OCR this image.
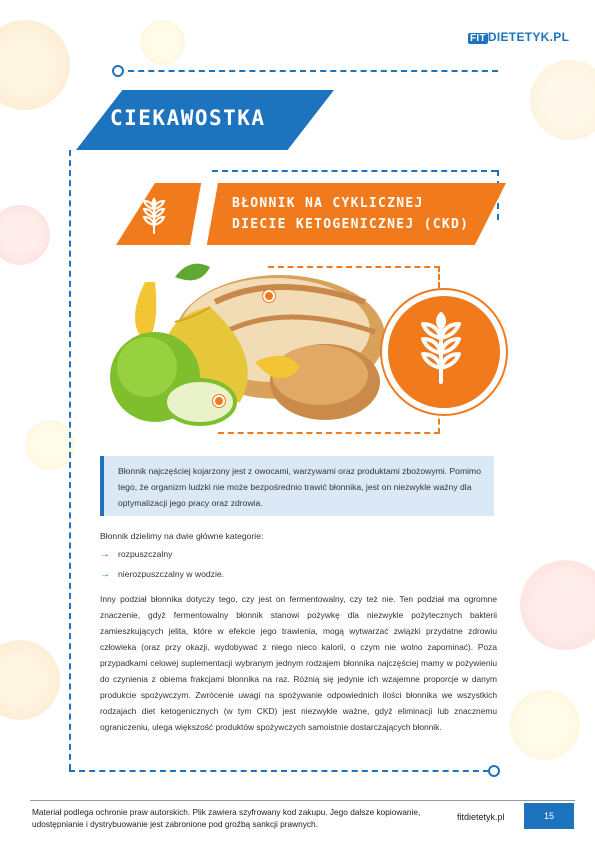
FIT DIETETYK.PL
CIEKAWOSTKA
BŁONNIK NA CYKLICZNEJ
DIECIE KETOGENICZNEJ (CKD)

Błonnik najczęściej kojarzony jest z owocami, warzywami oraz produktami zbożowymi. Pomimo tego, że organizm ludzki nie może bezpośrednio trawić błonnika, jest on niezwykle ważny dla optymalizacji jego pracy oraz zdrowia.

Błonnik dzielimy na dwie główne kategorie:
→ rozpuszczalny
→ nierozpuszczalny w wodzie.
Inny podział błonnika dotyczy tego, czy jest on fermentowalny, czy też nie. Ten podział ma ogromne znaczenie, gdyż fermentowalny błonnik stanowi pożywkę dla niezwykle pożytecznych bakterii zamieszkujących jelita, które w efekcie jego trawienia, mogą wytwarzać związki przydatne zdrowiu człowieka (oraz przy okazji, wydobywać z niego nieco kalorii, o czym nie wolno zapominać). Poza przypadkami celowej suplementacji wybranym jednym rodzajem błonnika najczęściej mamy w pożywieniu do czynienia z obiema frakcjami błonnika na raz. Różnią się jedynie ich wzajemne proporcje w danym produkcie spożywczym. Zwrócenie uwagi na spożywanie odpowiednich ilości błonnika we wszystkich rodzajach diet ketogenicznych (w tym CKD) jest niezwykle ważne, gdyż eliminacji lub znacznemu ograniczeniu, ulega większość produktów spożywczych samoistnie dostarczających błonnik.
Materiał podlega ochronie praw autorskich. Plik zawiera szyfrowany kod zakupu. Jego dalsze kopiowanie, udostępnianie i dystrybuowanie jest zabronione pod groźbą sankcji prawnych.
fitdietetyk.pl	15
